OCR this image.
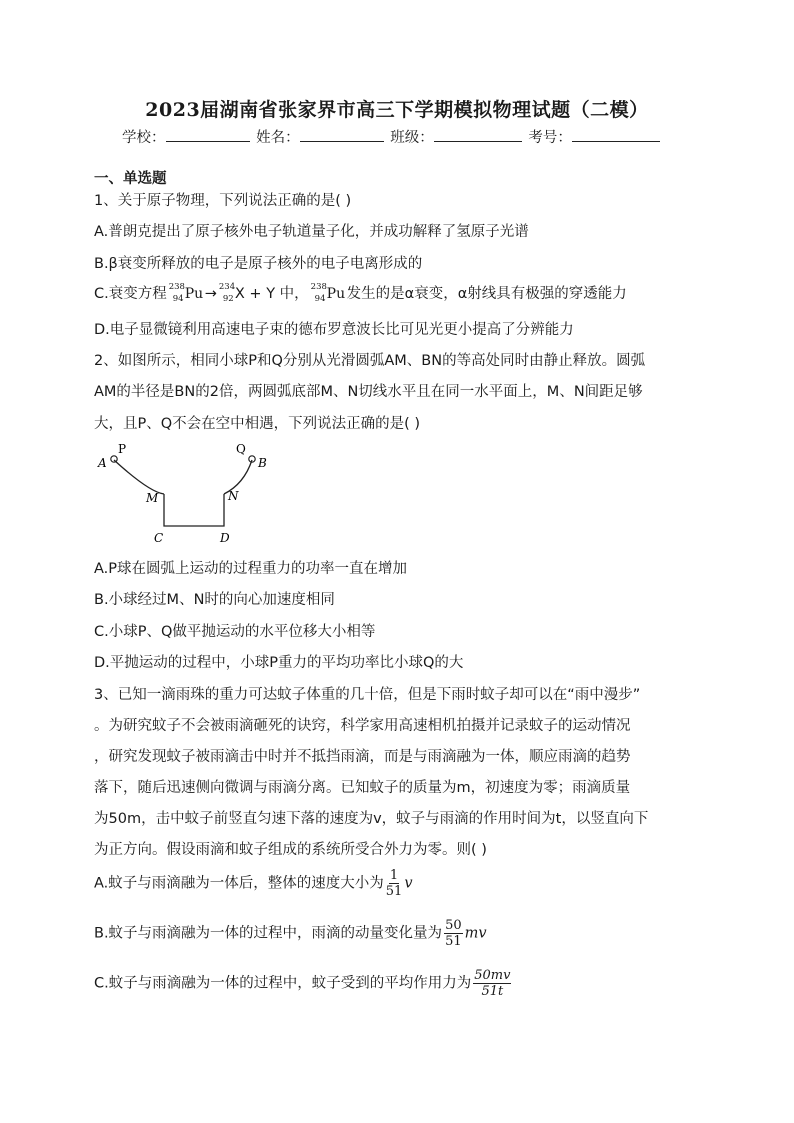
2023届湖南省张家界市高三下学期模拟物理试题（二模）
学校：	姓名：	班级：	考号：
一、单选题
1、关于原子物理，下列说法正确的是( )
A.普朗克提出了原子核外电子轨道量子化，并成功解释了氢原子光谱
B.β衰变所释放的电子是原子核外的电子电离形成的
C.衰变方程 238
94 Pu → 234
92 X + Y 中， 238
94 Pu 发生的是α衰变，α射线具有极强的穿透能力
D.电子显微镜利用高速电子束的德布罗意波长比可见光更小提高了分辨能力
2、如图所示，相同小球P和Q分别从光滑圆弧AM、BN的等高处同时由静止释放。圆弧
AM的半径是BN的2倍，两圆弧底部M、N切线水平且在同一水平面上，M、N间距足够
大，且P、Q不会在空中相遇，下列说法正确的是( )
P	Q
A	B
M	N
C	D
A.P球在圆弧上运动的过程重力的功率一直在增加
B.小球经过M、N时的向心加速度相同
C.小球P、Q做平抛运动的水平位移大小相等
D.平抛运动的过程中，小球P重力的平均功率比小球Q的大
3、已知一滴雨珠的重力可达蚊子体重的几十倍，但是下雨时蚊子却可以在“雨中漫步”
。为研究蚊子不会被雨滴砸死的诀窍，科学家用高速相机拍摄并记录蚊子的运动情况
，研究发现蚊子被雨滴击中时并不抵挡雨滴，而是与雨滴融为一体，顺应雨滴的趋势
落下，随后迅速侧向微调与雨滴分离。已知蚊子的质量为m，初速度为零；雨滴质量
为50m，击中蚊子前竖直匀速下落的速度为v，蚊子与雨滴的作用时间为t，以竖直向下
为正方向。假设雨滴和蚊子组成的系统所受合外力为零。则( )
A.蚊子与雨滴融为一体后，整体的速度大小为 $\frac{1}{51}$ v
B.蚊子与雨滴融为一体的过程中，雨滴的动量变化量为 $\frac{50}{51}$ mv
C.蚊子与雨滴融为一体的过程中，蚊子受到的平均作用力为 $\frac{50mv}{51t}$
